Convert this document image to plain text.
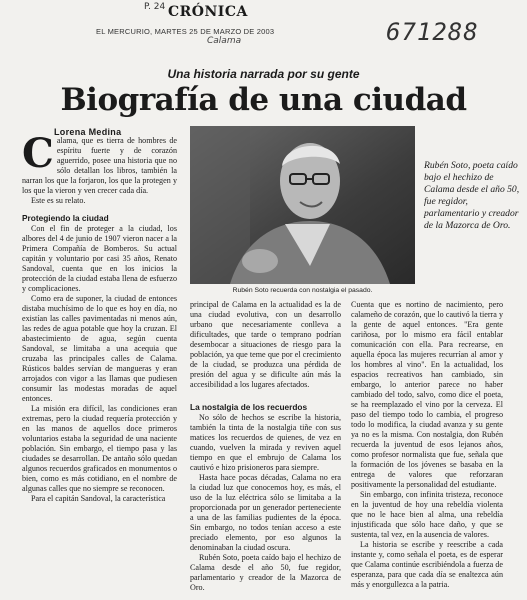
P. 24 CRÓNICA
EL MERCURIO, MARTES 25 DE MARZO DE 2003
Calama	671288
Una historia narrada por su gente
Biografía de una ciudad
Lorena Medina

Calama, que es tierra de hombres de espíritu fuerte y de corazón aguerrido, posee una historia que no sólo detallan los libros, también la narran los que la forjaron, los que la protegen y los que la vieron y ven crecer cada día.

Este es su relato.

Protegiendo la ciudad

Con el fin de proteger a la ciudad, los albores del 4 de junio de 1907 vieron nacer a la Primera Compañía de Bomberos. Su actual capitán y voluntario por casi 35 años, Renato Sandoval, cuenta que en los inicios la protección de la ciudad estaba llena de esfuerzo y complicaciones.

Como era de suponer, la ciudad de entonces distaba muchísimo de lo que es hoy en día, no existían las calles pavimentadas ni menos aún, las redes de agua potable que hoy la cruzan. El abastecimiento de agua, según cuenta Sandoval, se limitaba a una acequia que cruzaba las principales calles de Calama. Rústicos baldes servían de mangueras y eran arrojados con vigor a las llamas que pudiesen consumir las modestas moradas de aquel entonces.

La misión era difícil, las condiciones eran extremas, pero la ciudad requería protección y en las manos de aquellos doce primeros voluntarios estaba la seguridad de una naciente población. Sin embargo, el tiempo pasa y las ciudades se desarrollan. De antaño sólo quedan algunos recuerdos graficados en monumentos o bien, como es más cotidiano, en el nombre de algunas calles que no siempre se reconocen.

Para el capitán Sandoval, la característica

Rubén Soto recuerda con nostalgia el pasado.
Rubén Soto, poeta caído bajo el hechizo de Calama desde el año 50, fue regidor, parlamentario y creador de la Mazorca de Oro.

principal de Calama en la actualidad es la de una ciudad evolutiva, con un desarrollo urbano que necesariamente conlleva a dificultades, que tarde o temprano podrían desembocar a situaciones de riesgo para la población, ya que teme que por el crecimiento de la ciudad, se produzca una pérdida de presión del agua y se dificulte aún más la accesibilidad a los lugares afectados.

La nostalgia de los recuerdos

No sólo de hechos se escribe la historia, también la tinta de la nostalgia tiñe con sus matices los recuerdos de quienes, de vez en cuando, vuelven la mirada y reviven aquel tiempo en que el embrujo de Calama los cautivó e hizo prisioneros para siempre.

Hasta hace pocas décadas, Calama no era la ciudad luz que conocemos hoy, es más, el uso de la luz eléctrica sólo se limitaba a la proporcionada por un generador perteneciente a una de las familias pudientes de la época. Sin embargo, no todos tenían acceso a este preciado elemento, por eso algunos la denominaban la ciudad oscura.

Rubén Soto, poeta caído bajo el hechizo de Calama desde el año 50, fue regidor, parlamentario y creador de la Mazorca de Oro.

Cuenta que es nortino de nacimiento, pero calameño de corazón, que lo cautivó la tierra y la gente de aquel entonces. "Era gente cariñosa, por lo mismo era fácil entablar comunicación con ella. Para recrearse, en aquella época las mujeres recurrían al amor y los hombres al vino". En la actualidad, los espacios recreativos han cambiado, sin embargo, lo anterior parece no haber cambiado del todo, salvo, como dice el poeta, se ha reemplazado el vino por la cerveza. El paso del tiempo todo lo cambia, el progreso todo lo modifica, la ciudad avanza y su gente ya no es la misma. Con nostalgia, don Rubén recuerda la juventud de esos lejanos años, como profesor normalista que fue, señala que la formación de los jóvenes se basaba en la entrega de valores que reforzaran positivamente la personalidad del estudiante.

Sin embargo, con infinita tristeza, reconoce en la juventud de hoy una rebeldía violenta que no le hace bien al alma, una rebeldía injustificada que sólo hace daño, y que se sustenta, tal vez, en la ausencia de valores.

La historia se escribe y reescribe a cada instante y, como señala el poeta, es de esperar que Calama continúe escribiéndola a fuerza de esperanza, para que cada día se enaltezca aún más y enorgullezca a la patria.
